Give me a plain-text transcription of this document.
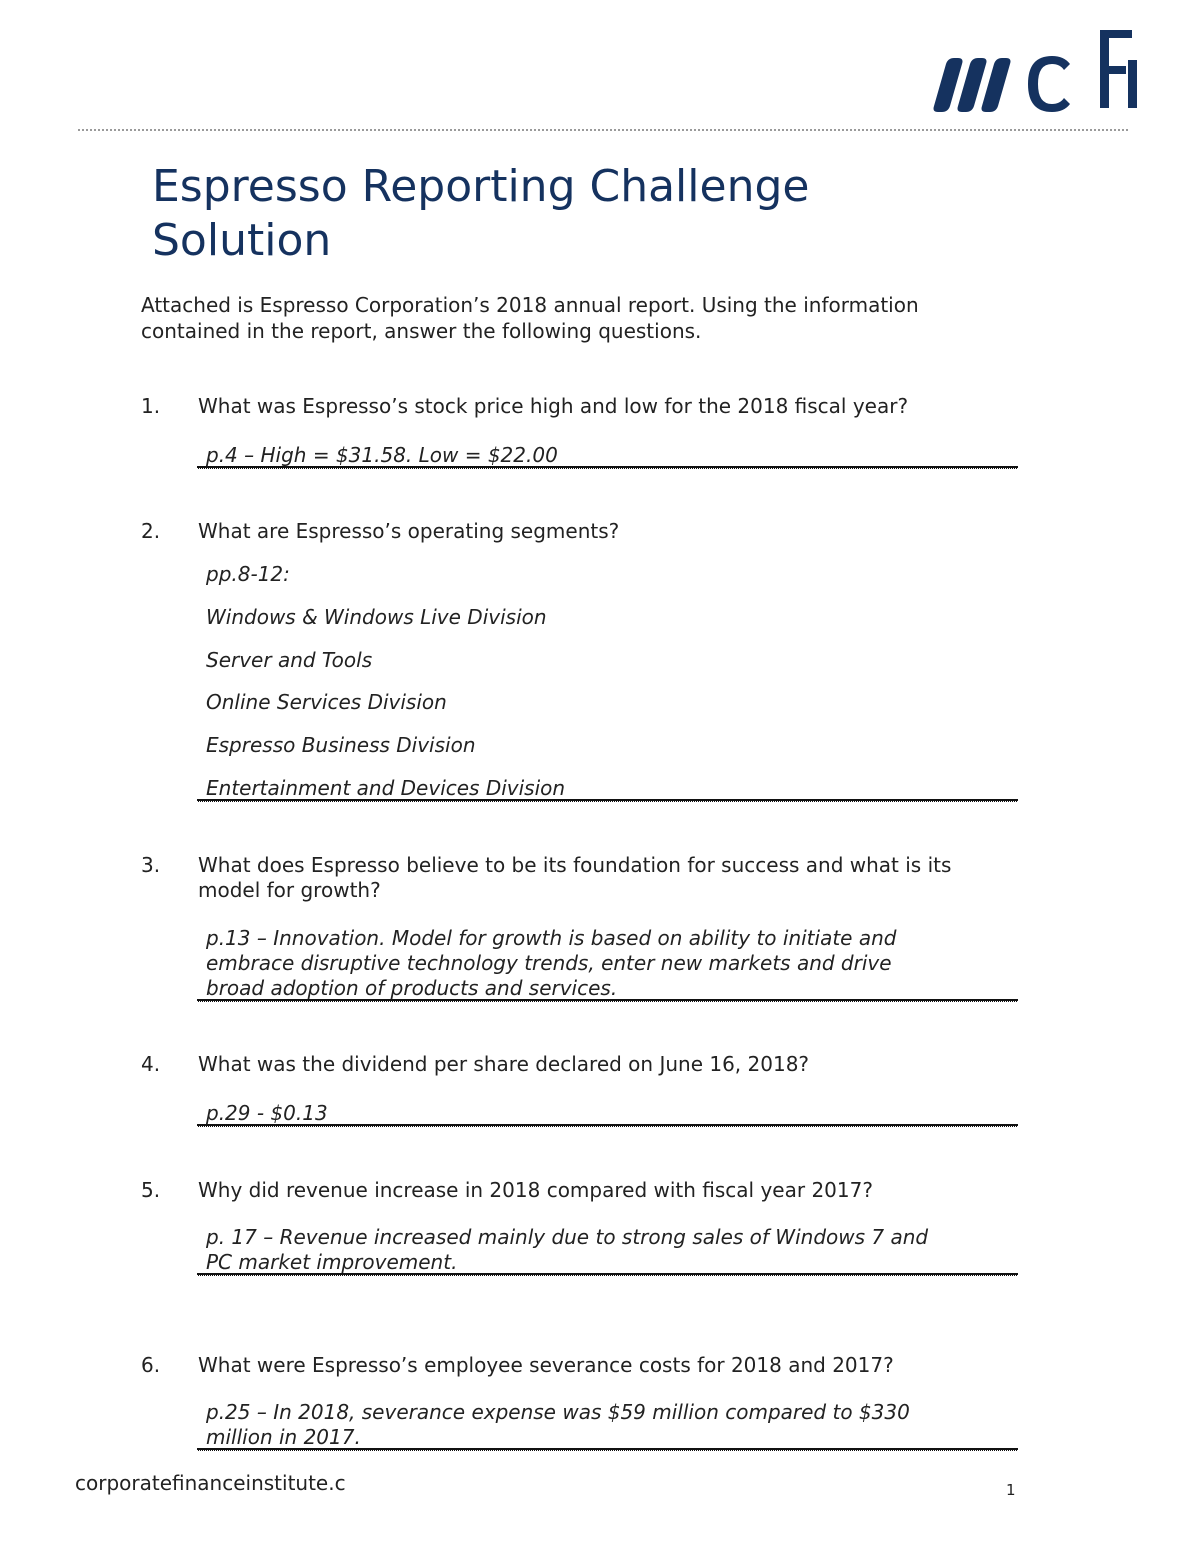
Espresso Reporting Challenge
Solution
Attached is Espresso Corporation’s 2018 annual report. Using the information
contained in the report, answer the following questions.
1. What was Espresso’s stock price high and low for the 2018 fiscal year?
p.4 – High = $31.58. Low = $22.00
2. What are Espresso’s operating segments?
pp.8-12:
Windows & Windows Live Division
Server and Tools
Online Services Division
Espresso Business Division
Entertainment and Devices Division
3. What does Espresso believe to be its foundation for success and what is its
model for growth?
p.13 – Innovation. Model for growth is based on ability to initiate and
embrace disruptive technology trends, enter new markets and drive
broad adoption of products and services.
4. What was the dividend per share declared on June 16, 2018?
p.29 - $0.13
5. Why did revenue increase in 2018 compared with fiscal year 2017?
p. 17 – Revenue increased mainly due to strong sales of Windows 7 and
PC market improvement.
6. What were Espresso’s employee severance costs for 2018 and 2017?
p.25 – In 2018, severance expense was $59 million compared to $330
million in 2017.
corporatefinanceinstitute.c	1
